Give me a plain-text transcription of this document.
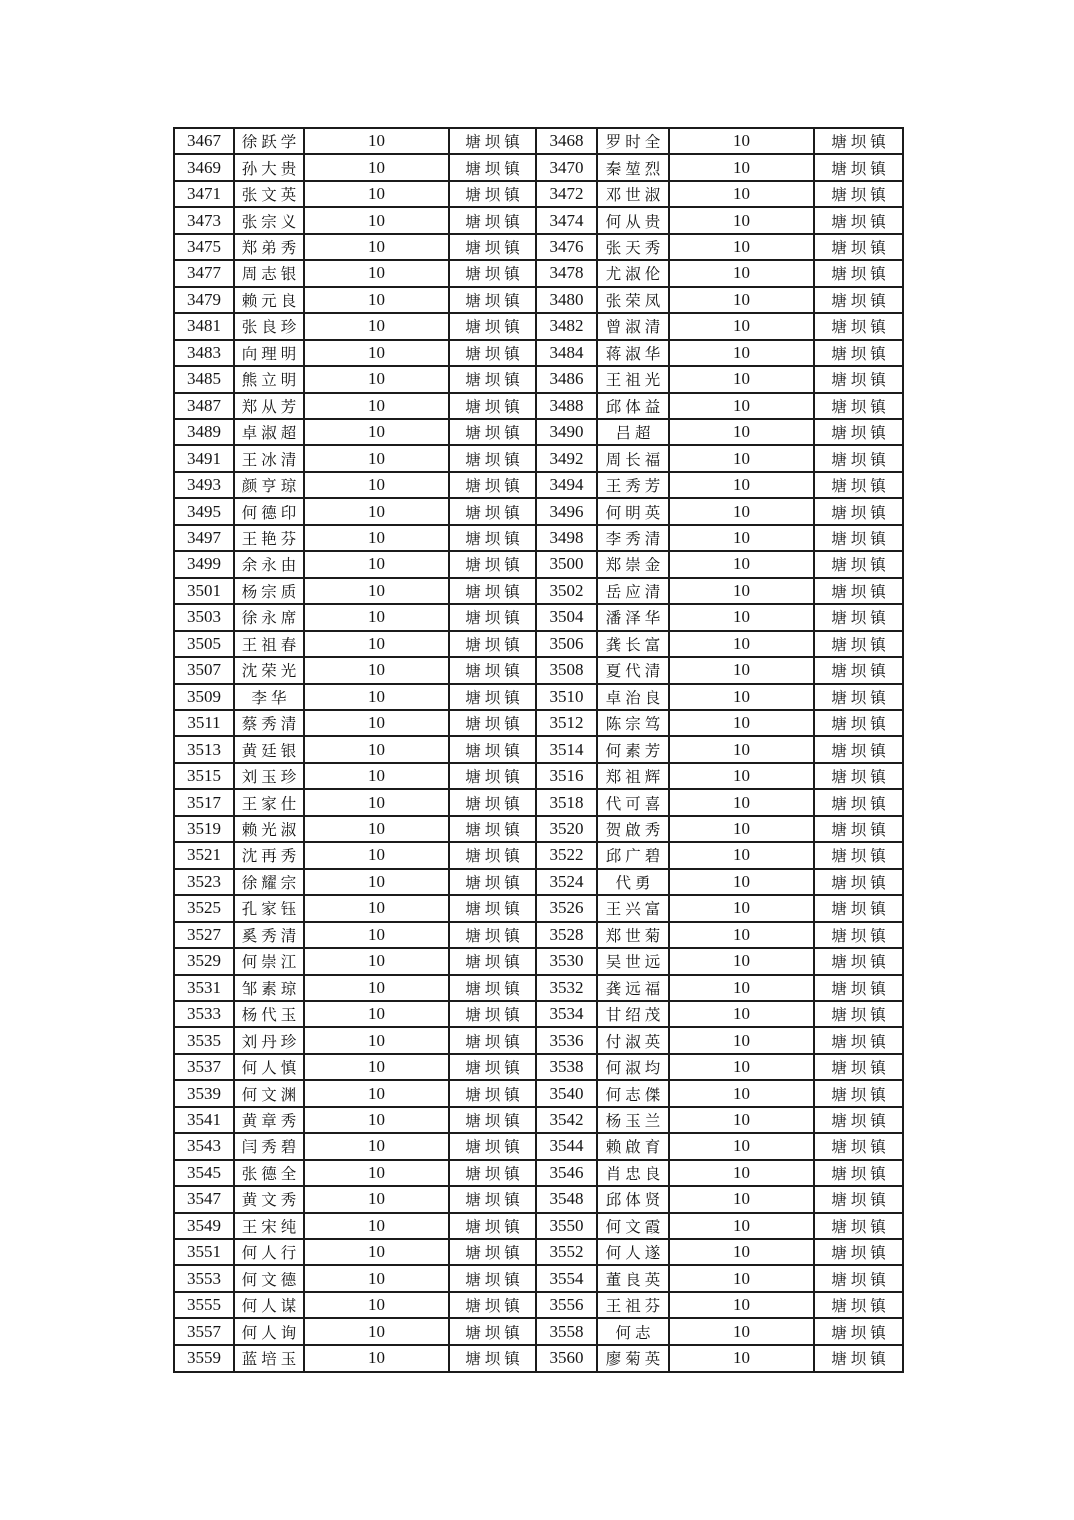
3467	徐跃学	10	塘坝镇	3468	罗时全	10	塘坝镇
3469	孙大贵	10	塘坝镇	3470	秦堃烈	10	塘坝镇
3471	张文英	10	塘坝镇	3472	邓世淑	10	塘坝镇
3473	张宗义	10	塘坝镇	3474	何从贵	10	塘坝镇
3475	郑弟秀	10	塘坝镇	3476	张天秀	10	塘坝镇
3477	周志银	10	塘坝镇	3478	尤淑伦	10	塘坝镇
3479	赖元良	10	塘坝镇	3480	张荣凤	10	塘坝镇
3481	张良珍	10	塘坝镇	3482	曾淑清	10	塘坝镇
3483	向理明	10	塘坝镇	3484	蒋淑华	10	塘坝镇
3485	熊立明	10	塘坝镇	3486	王祖光	10	塘坝镇
3487	郑从芳	10	塘坝镇	3488	邱体益	10	塘坝镇
3489	卓淑超	10	塘坝镇	3490	吕超	10	塘坝镇
3491	王冰清	10	塘坝镇	3492	周长福	10	塘坝镇
3493	颜亨琼	10	塘坝镇	3494	王秀芳	10	塘坝镇
3495	何德印	10	塘坝镇	3496	何明英	10	塘坝镇
3497	王艳芬	10	塘坝镇	3498	李秀清	10	塘坝镇
3499	余永由	10	塘坝镇	3500	郑崇金	10	塘坝镇
3501	杨宗质	10	塘坝镇	3502	岳应清	10	塘坝镇
3503	徐永席	10	塘坝镇	3504	潘泽华	10	塘坝镇
3505	王祖春	10	塘坝镇	3506	龚长富	10	塘坝镇
3507	沈荣光	10	塘坝镇	3508	夏代清	10	塘坝镇
3509	李华	10	塘坝镇	3510	卓治良	10	塘坝镇
3511	蔡秀清	10	塘坝镇	3512	陈宗笃	10	塘坝镇
3513	黄廷银	10	塘坝镇	3514	何素芳	10	塘坝镇
3515	刘玉珍	10	塘坝镇	3516	郑祖辉	10	塘坝镇
3517	王家仕	10	塘坝镇	3518	代可喜	10	塘坝镇
3519	赖光淑	10	塘坝镇	3520	贺啟秀	10	塘坝镇
3521	沈再秀	10	塘坝镇	3522	邱广碧	10	塘坝镇
3523	徐耀宗	10	塘坝镇	3524	代勇	10	塘坝镇
3525	孔家钰	10	塘坝镇	3526	王兴富	10	塘坝镇
3527	奚秀清	10	塘坝镇	3528	郑世菊	10	塘坝镇
3529	何崇江	10	塘坝镇	3530	吴世远	10	塘坝镇
3531	邹素琼	10	塘坝镇	3532	龚远福	10	塘坝镇
3533	杨代玉	10	塘坝镇	3534	甘绍茂	10	塘坝镇
3535	刘丹珍	10	塘坝镇	3536	付淑英	10	塘坝镇
3537	何人慎	10	塘坝镇	3538	何淑均	10	塘坝镇
3539	何文渊	10	塘坝镇	3540	何志傑	10	塘坝镇
3541	黄章秀	10	塘坝镇	3542	杨玉兰	10	塘坝镇
3543	闫秀碧	10	塘坝镇	3544	赖啟育	10	塘坝镇
3545	张德全	10	塘坝镇	3546	肖忠良	10	塘坝镇
3547	黄文秀	10	塘坝镇	3548	邱体贤	10	塘坝镇
3549	王宋纯	10	塘坝镇	3550	何文霞	10	塘坝镇
3551	何人行	10	塘坝镇	3552	何人遂	10	塘坝镇
3553	何文德	10	塘坝镇	3554	董良英	10	塘坝镇
3555	何人谋	10	塘坝镇	3556	王祖芬	10	塘坝镇
3557	何人询	10	塘坝镇	3558	何志	10	塘坝镇
3559	蓝培玉	10	塘坝镇	3560	廖菊英	10	塘坝镇
